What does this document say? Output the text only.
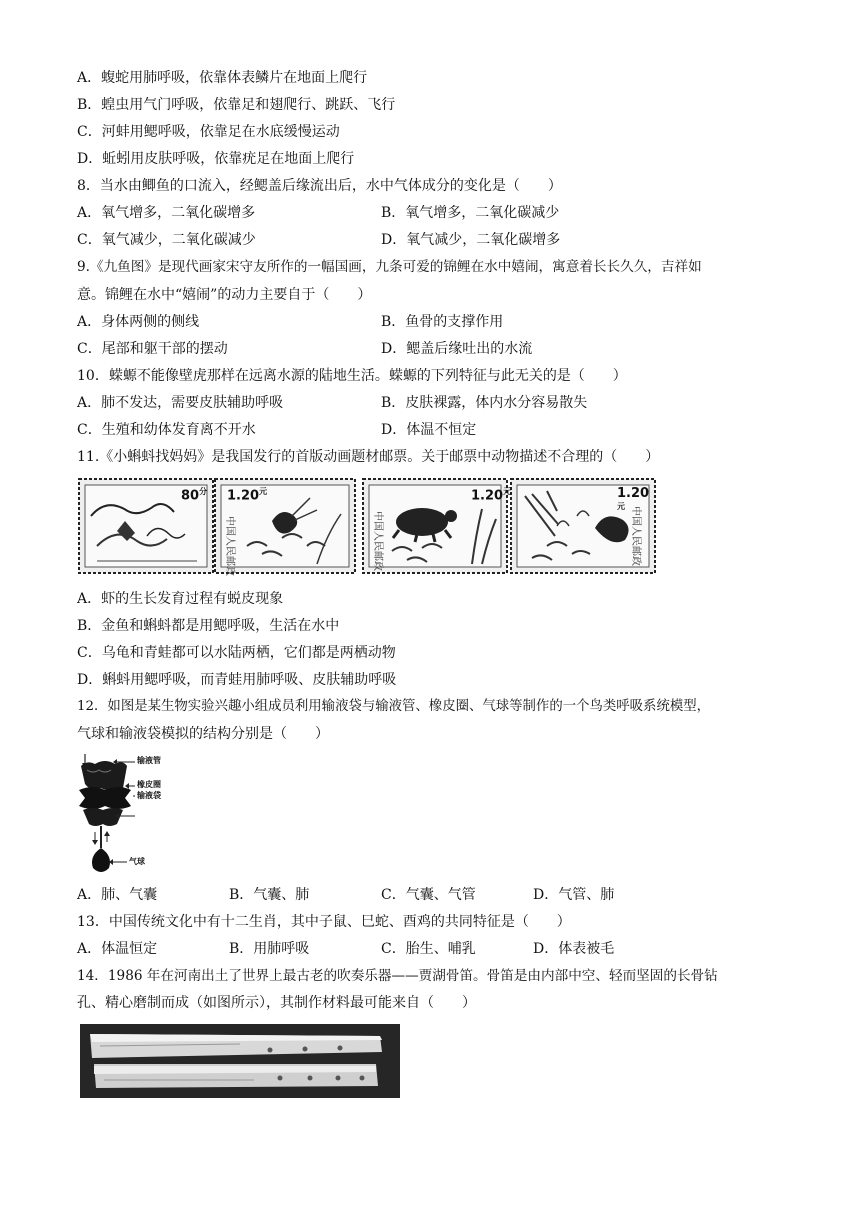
A．蝮蛇用肺呼吸，依靠体表鳞片在地面上爬行
B．蝗虫用气门呼吸，依靠足和翅爬行、跳跃、飞行
C．河蚌用鳃呼吸，依靠足在水底缓慢运动
D．蚯蚓用皮肤呼吸，依靠疣足在地面上爬行
8．当水由鲫鱼的口流入，经鳃盖后缘流出后，水中气体成分的变化是（　　）
A．氧气增多，二氧化碳增多	B．氧气增多，二氧化碳减少
C．氧气减少，二氧化碳减少	D．氧气减少，二氧化碳增多
9.《九鱼图》是现代画家宋守友所作的一幅国画，九条可爱的锦鲤在水中嬉闹，寓意着长长久久，吉祥如
意。锦鲤在水中“嬉闹”的动力主要自于（　　）
A．身体两侧的侧线	B．鱼骨的支撑作用
C．尾部和躯干部的摆动	D．鳃盖后缘吐出的水流
10．蝾螈不能像壁虎那样在远离水源的陆地生活。蝾螈的下列特征与此无关的是（　　）
A．肺不发达，需要皮肤辅助呼吸	B．皮肤裸露，体内水分容易散失
C．生殖和幼体发育离不开水	D．体温不恒定
11.《小蝌蚪找妈妈》是我国发行的首版动画题材邮票。关于邮票中动物描述不合理的（　　）
中国人民邮政	中国人民邮政	中国人民邮政
$80^分$ $1.20^元$	$1.20^元$	$1.20^元$
A．虾的生长发育过程有蜕皮现象
B．金鱼和蝌蚪都是用鳃呼吸，生活在水中
C．乌龟和青蛙都可以水陆两栖，它们都是两栖动物
D．蝌蚪用鳃呼吸，而青蛙用肺呼吸、皮肤辅助呼吸
12．如图是某生物实验兴趣小组成员利用输液袋与输液管、橡皮圈、气球等制作的一个鸟类呼吸系统模型，
气球和输液袋模拟的结构分别是（　　）
输液管
橡皮圈
输液袋
气球
A．肺、气囊	B．气囊、肺	C．气囊、气管	D．气管、肺
13．中国传统文化中有十二生肖，其中子鼠、巳蛇、酉鸡的共同特征是（　　）
A．体温恒定	B．用肺呼吸	C．胎生、哺乳	D．体表被毛
14．1986 年在河南出土了世界上最古老的吹奏乐器——贾湖骨笛。骨笛是由内部中空、轻而坚固的长骨钻
孔、精心磨制而成（如图所示），其制作材料最可能来自（　　）
